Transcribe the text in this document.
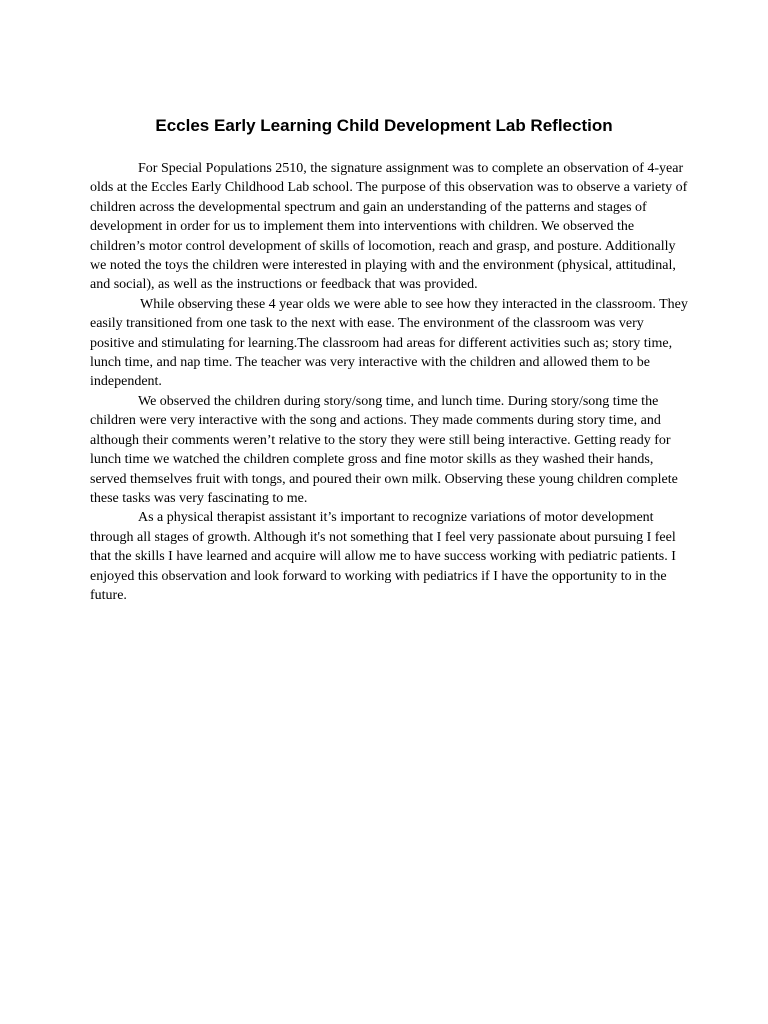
Eccles Early Learning Child Development Lab Reflection

For Special Populations 2510, the signature assignment was to complete an observation of 4-year olds at the Eccles Early Childhood Lab school. The purpose of this observation was to observe a variety of children across the developmental spectrum and gain an understanding of the patterns and stages of development in order for us to implement them into interventions with children. We observed the children’s motor control development of skills of locomotion, reach and grasp, and posture. Additionally we noted the toys the children were interested in playing with and the environment (physical, attitudinal, and social), as well as the instructions or feedback that was provided.

While observing these 4 year olds we were able to see how they interacted in the classroom. They easily transitioned from one task to the next with ease. The environment of the classroom was very positive and stimulating for learning.The classroom had areas for different activities such as; story time, lunch time, and nap time. The teacher was very interactive with the children and allowed them to be independent.

We observed the children during story/song time, and lunch time. During story/song time the children were very interactive with the song and actions. They made comments during story time, and although their comments weren’t relative to the story they were still being interactive. Getting ready for lunch time we watched the children complete gross and fine motor skills as they washed their hands, served themselves fruit with tongs, and poured their own milk. Observing these young children complete these tasks was very fascinating to me.

As a physical therapist assistant it’s important to recognize variations of motor development through all stages of growth. Although it's not something that I feel very passionate about pursuing I feel that the skills I have learned and acquire will allow me to have success working with pediatric patients. I enjoyed this observation and look forward to working with pediatrics if I have the opportunity to in the future.
